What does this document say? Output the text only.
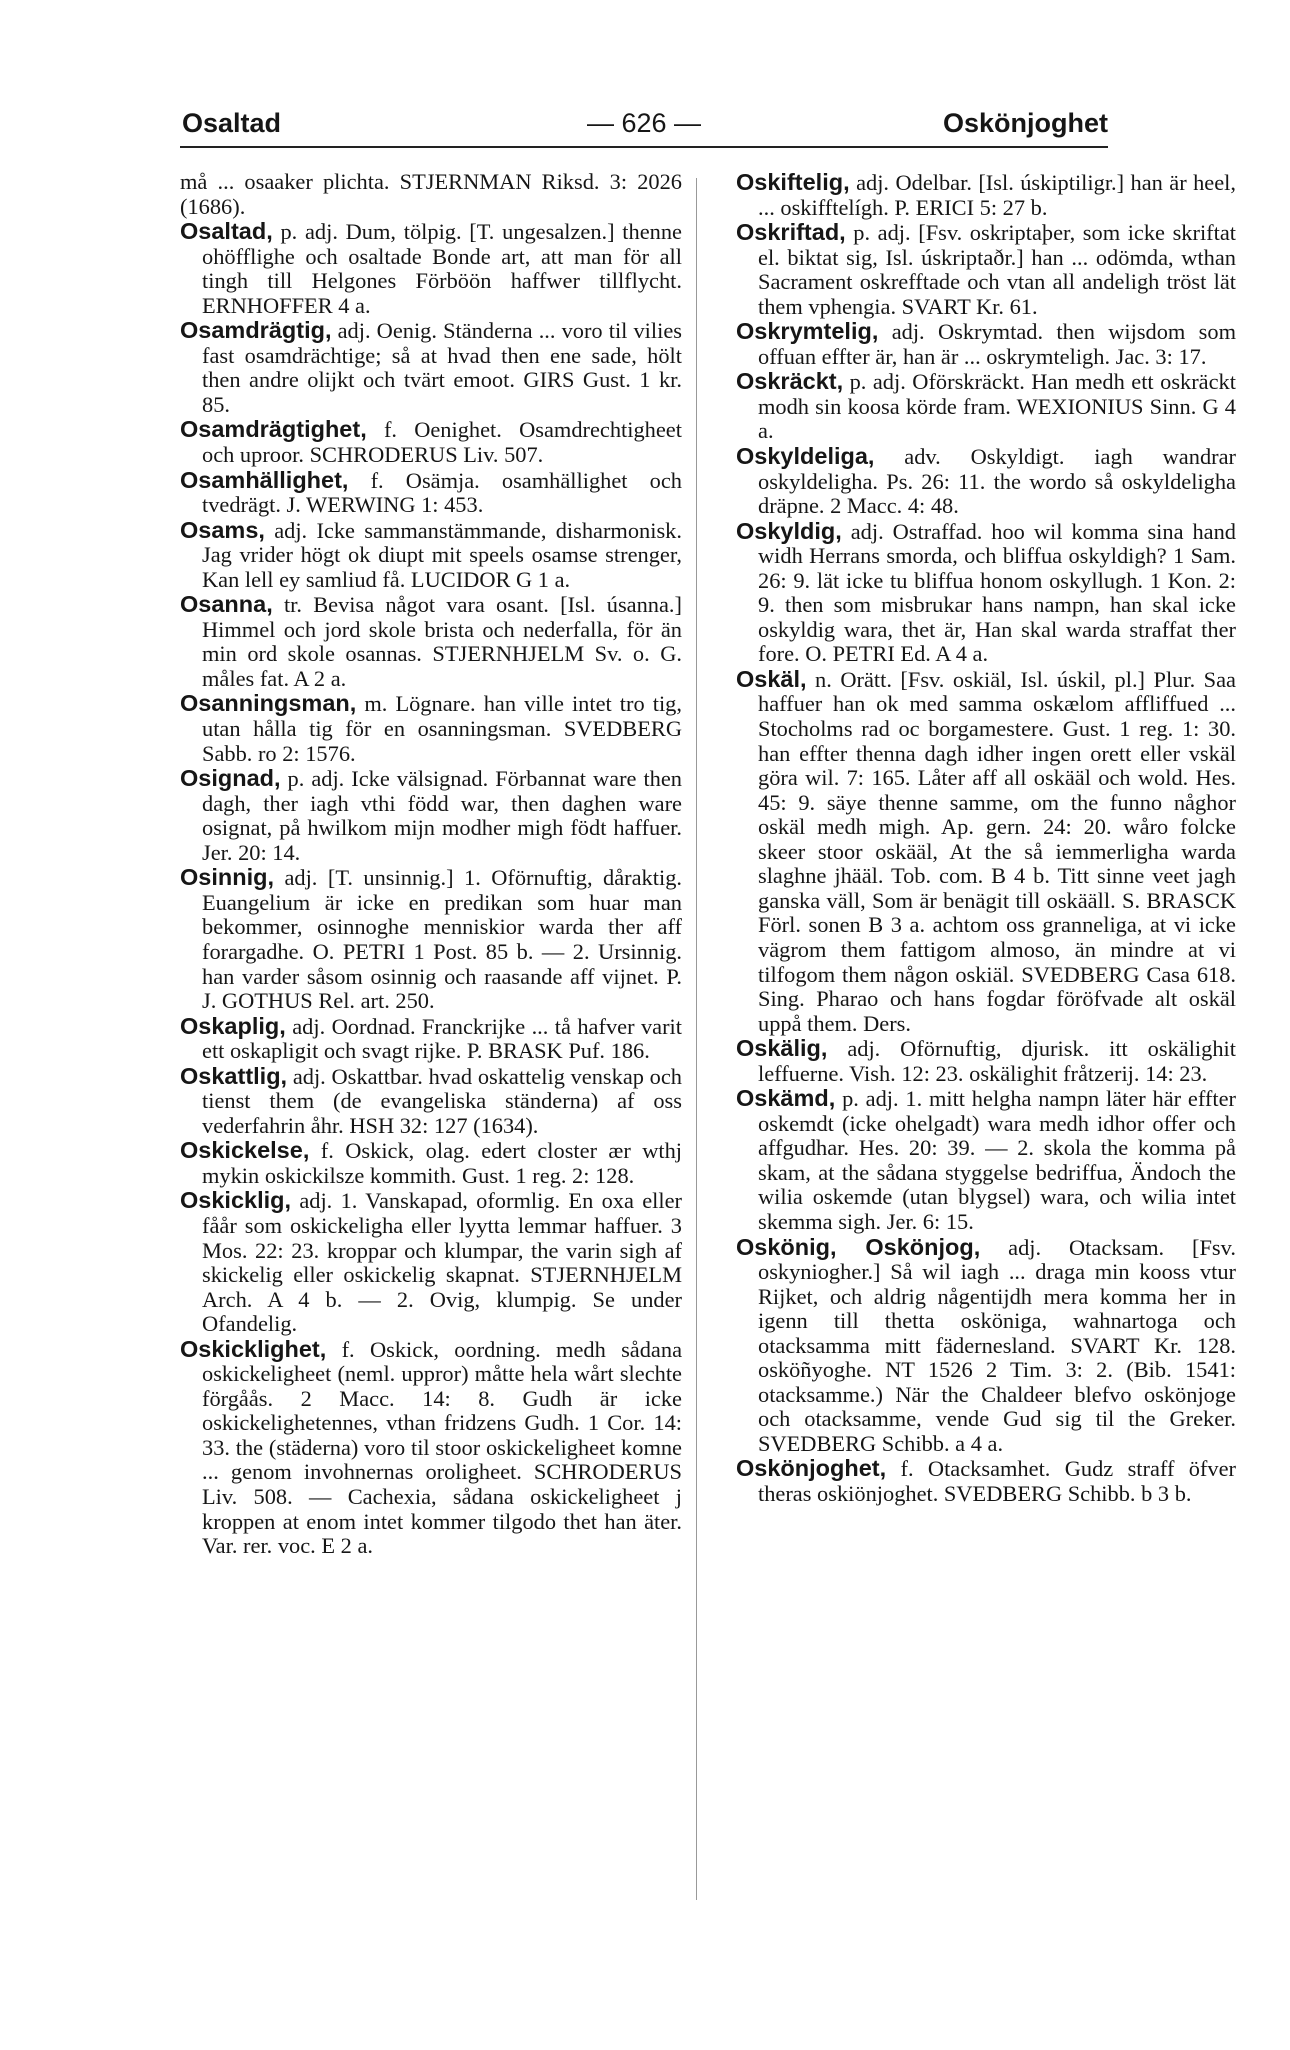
Osaltad	— 626 —	Oskönjoghet

må ... osaaker plichta. STJERNMAN Riksd. 3: 2026 (1686).

Osaltad, p. adj. Dum, tölpig. [T. ungesalzen.] thenne ohöfflighe och osaltade Bonde art, att man för all tingh till Helgones Förböön haffwer tillflycht. ERNHOFFER 4 a.

Osamdrägtig, adj. Oenig. Ständerna ... voro til vilies fast osamdrächtige; så at hvad then ene sade, hölt then andre olijkt och tvärt emoot. GIRS Gust. 1 kr. 85.

Osamdrägtighet, f. Oenighet. Osamdrechtigheet och uproor. SCHRODERUS Liv. 507.

Osamhällighet, f. Osämja. osamhällighet och tvedrägt. J. WERWING 1: 453.

Osams, adj. Icke sammanstämmande, disharmonisk. Jag vrider högt ok diupt mit speels osamse strenger, Kan lell ey samliud få. LUCIDOR G 1 a.

Osanna, tr. Bevisa något vara osant. [Isl. úsanna.] Himmel och jord skole brista och nederfalla, för än min ord skole osannas. STJERNHJELM Sv. o. G. måles fat. A 2 a.

Osanningsman, m. Lögnare. han ville intet tro tig, utan hålla tig för en osanningsman. SVEDBERG Sabb. ro 2: 1576.

Osignad, p. adj. Icke välsignad. Förbannat ware then dagh, ther iagh vthi född war, then daghen ware osignat, på hwilkom mijn modher migh födt haffuer. Jer. 20: 14.

Osinnig, adj. [T. unsinnig.] 1. Oförnuftig, dåraktig. Euangelium är icke en predikan som huar man bekommer, osinnoghe menniskior warda ther aff forargadhe. O. PETRI 1 Post. 85 b. — 2. Ursinnig. han varder såsom osinnig och raasande aff vijnet. P. J. GOTHUS Rel. art. 250.

Oskaplig, adj. Oordnad. Franckrijke ... tå hafver varit ett oskapligit och svagt rijke. P. BRASK Puf. 186.

Oskattlig, adj. Oskattbar. hvad oskattelig venskap och tienst them (de evangeliska ständerna) af oss vederfahrin åhr. HSH 32: 127 (1634).

Oskickelse, f. Oskick, olag. edert closter ær wthj mykin oskickilsze kommith. Gust. 1 reg. 2: 128.

Oskicklig, adj. 1. Vanskapad, oformlig. En oxa eller fåår som oskickeligha eller lyytta lemmar haffuer. 3 Mos. 22: 23. kroppar och klumpar, the varin sigh af skickelig eller oskickelig skapnat. STJERNHJELM Arch. A 4 b. — 2. Ovig, klumpig. Se under Ofandelig.

Oskicklighet, f. Oskick, oordning. medh sådana oskickeligheet (neml. uppror) måtte hela wårt slechte förgåås. 2 Macc. 14: 8. Gudh är icke oskickelighetennes, vthan fridzens Gudh. 1 Cor. 14: 33. the (städerna) voro til stoor oskickeligheet komne ... genom invohnernas oroligheet. SCHRODERUS Liv. 508. — Cachexia, sådana oskickeligheet j kroppen at enom intet kommer tilgodo thet han äter. Var. rer. voc. E 2 a.

Oskiftelig, adj. Odelbar. [Isl. úskiptiligr.] han är heel, ... oskifftelígh. P. ERICI 5: 27 b.

Oskriftad, p. adj. [Fsv. oskriptaþer, som icke skriftat el. biktat sig, Isl. úskriptaðr.] han ... odömda, wthan Sacrament oskrefftade och vtan all andeligh tröst lät them vphengia. SVART Kr. 61.

Oskrymtelig, adj. Oskrymtad. then wijsdom som offuan effter är, han är ... oskrymteligh. Jac. 3: 17.

Oskräckt, p. adj. Oförskräckt. Han medh ett oskräckt modh sin koosa körde fram. WEXIONIUS Sinn. G 4 a.

Oskyldeliga, adv. Oskyldigt. iagh wandrar oskyldeligha. Ps. 26: 11. the wordo så oskyldeligha dräpne. 2 Macc. 4: 48.

Oskyldig, adj. Ostraffad. hoo wil komma sina hand widh Herrans smorda, och bliffua oskyldigh? 1 Sam. 26: 9. lät icke tu bliffua honom oskyllugh. 1 Kon. 2: 9. then som misbrukar hans nampn, han skal icke oskyldig wara, thet är, Han skal warda straffat ther fore. O. PETRI Ed. A 4 a.

Oskäl, n. Orätt. [Fsv. oskiäl, Isl. úskil, pl.] Plur. Saa haffuer han ok med samma oskælom affliffued ... Stocholms rad oc borgamestere. Gust. 1 reg. 1: 30. han effter thenna dagh idher ingen orett eller vskäl göra wil. 7: 165. Låter aff all oskääl och wold. Hes. 45: 9. säye thenne samme, om the funno någhor oskäl medh migh. Ap. gern. 24: 20. wåro folcke skeer stoor oskääl, At the så iemmerligha warda slaghne jhääl. Tob. com. B 4 b. Titt sinne veet jagh ganska väll, Som är benägit till oskääll. S. BRASCK Förl. sonen B 3 a. achtom oss granneliga, at vi icke vägrom them fattigom almoso, än mindre at vi tilfogom them någon oskiäl. SVEDBERG Casa 618. Sing. Pharao och hans fogdar föröfvade alt oskäl uppå them. Ders.

Oskälig, adj. Oförnuftig, djurisk. itt oskälighit leffuerne. Vish. 12: 23. oskälighit fråtzerij. 14: 23.

Oskämd, p. adj. 1. mitt helgha nampn läter här effter oskemdt (icke ohelgadt) wara medh idhor offer och affgudhar. Hes. 20: 39. — 2. skola the komma på skam, at the sådana styggelse bedriffua, Ändoch the wilia oskemde (utan blygsel) wara, och wilia intet skemma sigh. Jer. 6: 15.

Oskönig, Oskönjog, adj. Otacksam. [Fsv. oskyniogher.] Så wil iagh ... draga min kooss vtur Rijket, och aldrig någentijdh mera komma her in igenn till thetta osköniga, wahnartoga och otacksamma mitt fädernesland. SVART Kr. 128. osköñyoghe. NT 1526 2 Tim. 3: 2. (Bib. 1541: otacksamme.) När the Chaldeer blefvo oskönjoge och otacksamme, vende Gud sig til the Greker. SVEDBERG Schibb. a 4 a.

Oskönjoghet, f. Otacksamhet. Gudz straff öfver theras oskiönjoghet. SVEDBERG Schibb. b 3 b.
